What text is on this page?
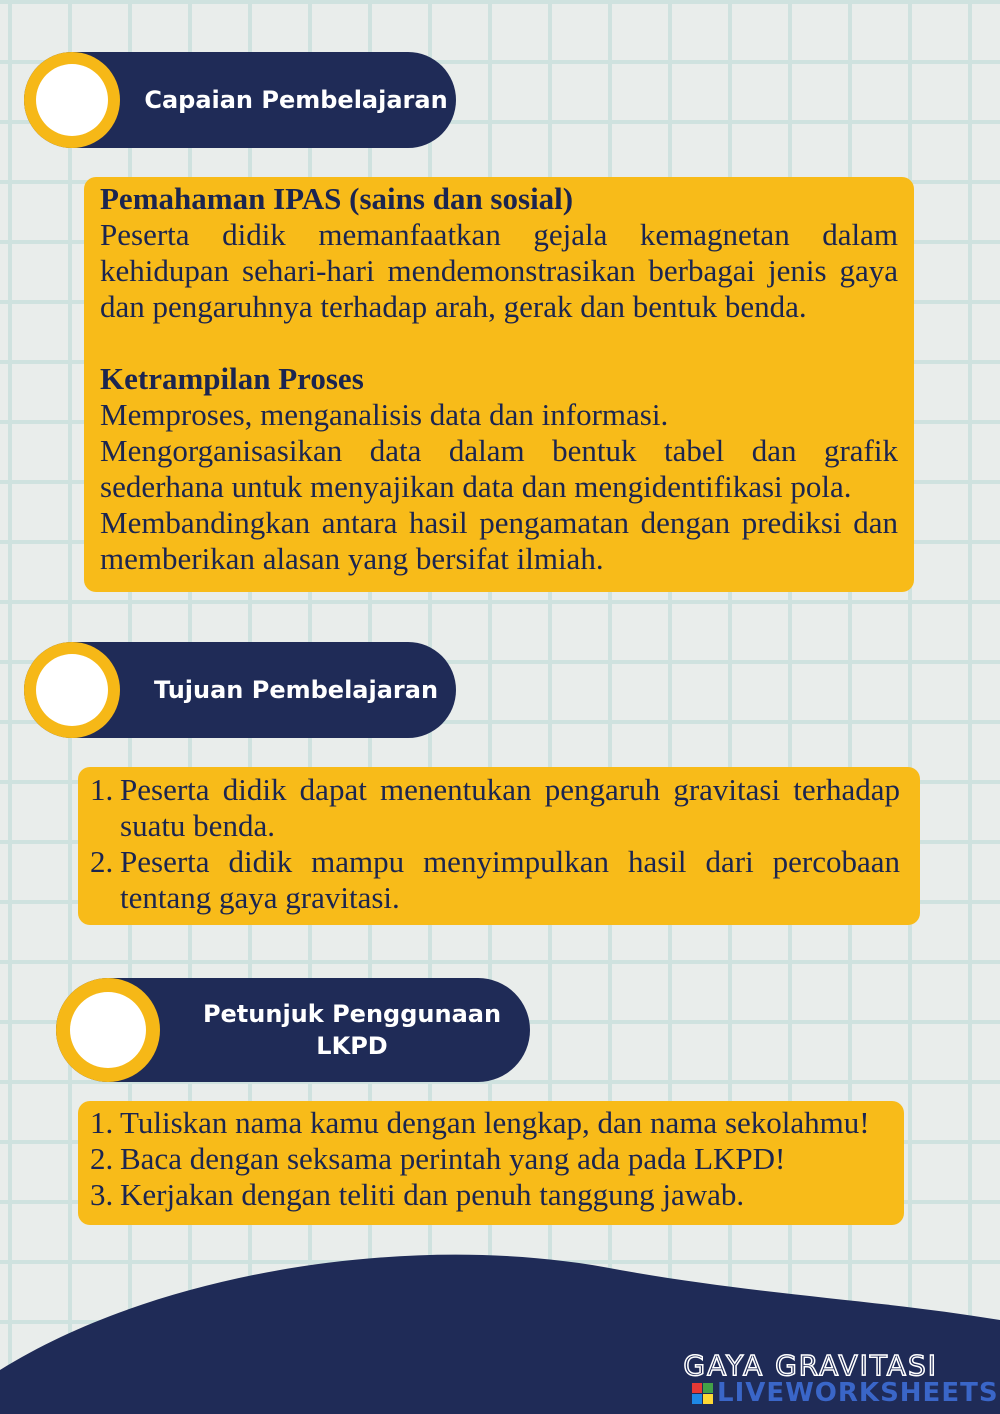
Capaian Pembelajaran

Pemahaman IPAS (sains dan sosial)

Peserta didik memanfaatkan gejala kemagnetan dalam kehidupan sehari-hari mendemonstrasikan berbagai jenis gaya dan pengaruhnya terhadap arah, gerak dan bentuk benda.

Ketrampilan Proses

Memproses, menganalisis data dan informasi.

Mengorganisasikan data dalam bentuk tabel dan grafik sederhana untuk menyajikan data dan mengidentifikasi pola.

Membandingkan antara hasil pengamatan dengan prediksi dan memberikan alasan yang bersifat ilmiah.

Tujuan Pembelajaran
1. Peserta didik dapat menentukan pengaruh gravitasi terhadap suatu benda.
2. Peserta didik mampu menyimpulkan hasil dari percobaan tentang gaya gravitasi.
Petunjuk Penggunaan
LKPD
1. Tuliskan nama kamu dengan lengkap, dan nama sekolahmu!
2. Baca dengan seksama perintah yang ada pada LKPD!
3. Kerjakan dengan teliti dan penuh tanggung jawab.
GAYA GRAVITASI
LIVEWORKSHEETS
